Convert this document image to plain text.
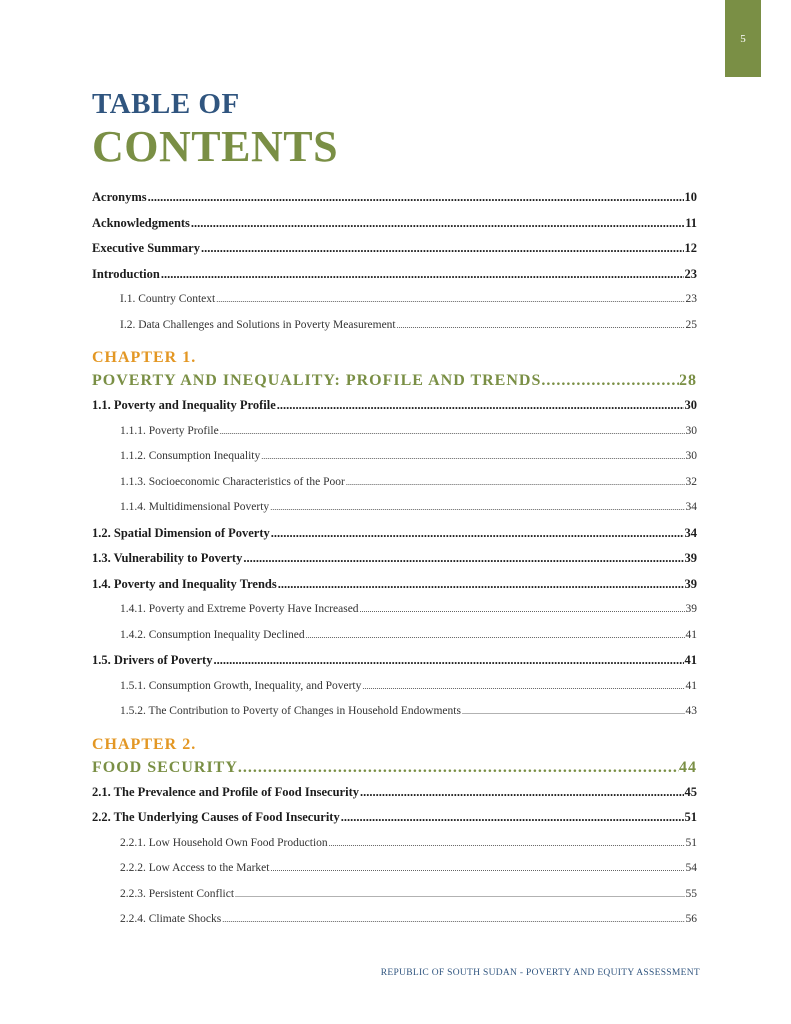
5
TABLE OF
CONTENTS
Acronyms .....	10
Acknowledgments .....	11
Executive Summary .....	12
Introduction .....	23
I.1. Country Context .....	23
I.2. Data Challenges and Solutions in Poverty Measurement .....	25
CHAPTER 1.
POVERTY AND INEQUALITY: PROFILE AND TRENDS .....	28
1.1. Poverty and Inequality Profile .....	30
1.1.1. Poverty Profile .....	30
1.1.2. Consumption Inequality .....	30
1.1.3. Socioeconomic Characteristics of the Poor .....	32
1.1.4. Multidimensional Poverty .....	34
1.2. Spatial Dimension of Poverty .....	34
1.3. Vulnerability to Poverty .....	39
1.4. Poverty and Inequality Trends .....	39
1.4.1. Poverty and Extreme Poverty Have Increased .....	39
1.4.2. Consumption Inequality Declined .....	41
1.5. Drivers of Poverty .....	41
1.5.1. Consumption Growth, Inequality, and Poverty .....	41
1.5.2. The Contribution to Poverty of Changes in Household Endowments .....	43
CHAPTER 2.
FOOD SECURITY .....	44
2.1. The Prevalence and Profile of Food Insecurity .....	45
2.2. The Underlying Causes of Food Insecurity .....	51
2.2.1. Low Household Own Food Production .....	51
2.2.2. Low Access to the Market .....	54
2.2.3. Persistent Conflict .....	55
2.2.4. Climate Shocks .....	56
REPUBLIC OF SOUTH SUDAN - POVERTY AND EQUITY ASSESSMENT
